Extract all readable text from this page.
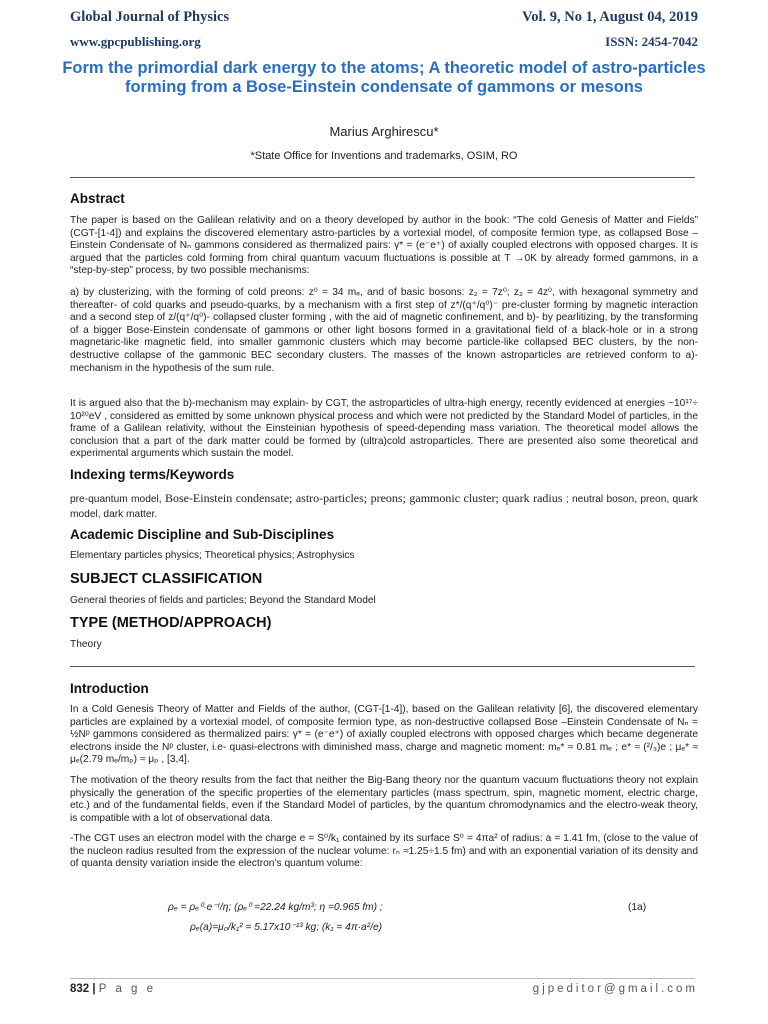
Global Journal of Physics	Vol. 9, No 1, August 04, 2019
www.gpcpublishing.org	ISSN: 2454-7042
Form the primordial dark energy to the atoms; A theoretic model of astro-particles forming from a Bose-Einstein condensate of gammons or mesons
Marius Arghirescu*
*State Office for Inventions and trademarks, OSIM, RO
Abstract

The paper is based on the Galilean relativity and on a theory developed by author in the book: “The cold Genesis of Matter and Fields” (CGT-[1-4]) and explains the discovered elementary astro-particles by a vortexial model, of composite fermion type, as collapsed Bose –Einstein Condensate of Nₙ gammons considered as thermalized pairs: γ* = (e⁻e⁺) of axially coupled electrons with opposed charges. It is argued that the particles cold forming from chiral quantum vacuum fluctuations is possible at T →0K by already formed gammons, in a “step-by-step” process, by two possible mechanisms:

a) by clusterizing, with the forming of cold preons: z⁰ = 34 mₑ, and of basic bosons: z₂ = 7z⁰; z₂ = 4z⁰, with hexagonal symmetry and thereafter- of cold quarks and pseudo-quarks, by a mechanism with a first step of z*/(q⁺/q⁰)⁻ pre-cluster forming by magnetic interaction and a second step of z/(q⁺/q⁰)- collapsed cluster forming , with the aid of magnetic confinement, and b)- by pearlitizing, by the transforming of a bigger Bose-Einstein condensate of gammons or other light bosons formed in a gravitational field of a black-hole or in a strong magnetaric-like magnetic field, into smaller gammonic clusters which may become particle-like collapsed BEC clusters, by the non-destructive collapse of the gammonic BEC secondary clusters. The masses of the known astroparticles are retrieved conform to a)-mechanism in the hypothesis of the sum rule.

It is argued also that the b)-mechanism may explain- by CGT, the astroparticles of ultra-high energy, recently evidenced at energies ~10¹⁷÷ 10²⁰eV , considered as emitted by some unknown physical process and which were not predicted by the Standard Model of particles, in the frame of a Galilean relativity, without the Einsteinian hypothesis of speed-depending mass variation. The theoretical model allows the conclusion that a part of the dark matter could be formed by (ultra)cold astroparticles. There are presented also some theoretical and experimental arguments which sustain the model.

Indexing terms/Keywords

pre-quantum model, Bose-Einstein condensate; astro-particles; preons; gammonic cluster; quark radius ; neutral boson, preon, quark model, dark matter.

Academic Discipline and Sub-Disciplines

Elementary particles physics; Theoretical physics; Astrophysics

SUBJECT CLASSIFICATION

General theories of fields and particles; Beyond the Standard Model

TYPE (METHOD/APPROACH)

Theory

Introduction

In a Cold Genesis Theory of Matter and Fields of the author, (CGT-[1-4]), based on the Galilean relativity [6], the discovered elementary particles are explained by a vortexial model, of composite fermion type, as non-destructive collapsed Bose –Einstein Condensate of Nₙ = ½Nᵖ gammons considered as thermalized pairs: γ* = (e⁻e⁺) of axially coupled electrons with opposed charges which became degenerate electrons inside the Nᵖ cluster, i.e- quasi-electrons with diminished mass, charge and magnetic moment: mₑ* ≈ 0.81 mₑ ; e* ≈ (²/₃)e ; μₑ* ≈ μₑ(2.79 mₑ/mₚ) ≈ μₚ , [3,4].

The motivation of the theory results from the fact that neither the Big-Bang theory nor the quantum vacuum fluctuations theory not explain physically the generation of the specific properties of the elementary particles (mass spectrum, spin, magnetic moment, electric charge, etc.) and of the fundamental fields, even if the Standard Model of particles, by the quantum chromodynamics and the electro-weak theory, is compatible with a lot of observational data.

-The CGT uses an electron model with the charge e = S⁰/k₁ contained by its surface S⁰ = 4πa² of radius: a = 1.41 fm, (close to the value of the nucleon radius resulted from the expression of the nuclear volume: rₙ ≈1.25÷1.5 fm) and with an exponential variation of its density and of quanta density variation inside the electron’s quantum volume:

ρₑ = ρₑ⁰·e⁻ʳ/η; (ρₑ⁰ =22.24 kg/m³; η =0.965 fm) ;	(1a)
ρₑ(a)=μ₀/k₁² = 5.17x10⁻¹³ kg; (k₁ = 4π·a²/e)
832 | P a g e	gjpeditor@gmail.com
